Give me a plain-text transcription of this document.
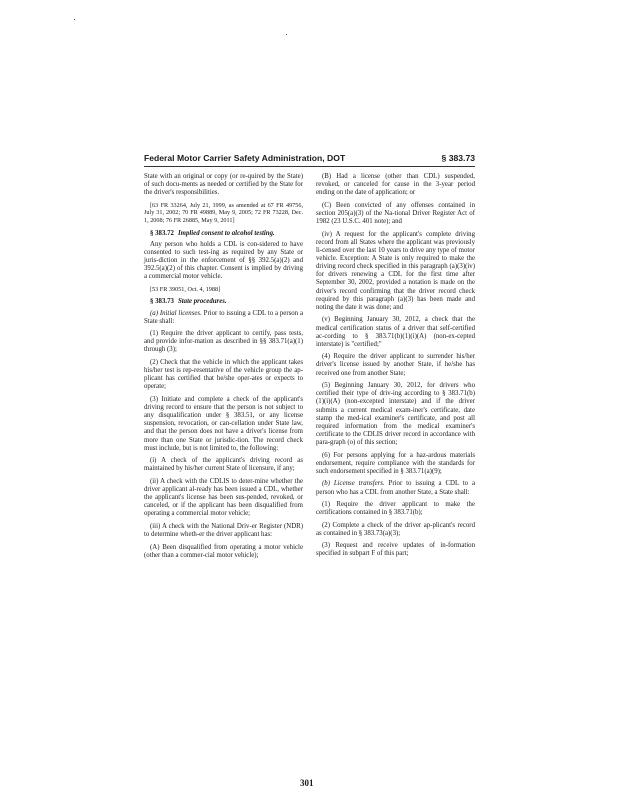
Federal Motor Carrier Safety Administration, DOT	§ 383.73

State with an original or copy (or re-quired by the State) of such docu-ments as needed or certified by the State for the driver's responsibilities.

[63 FR 33264, July 21, 1999, as amended at 67 FR 49756, July 31, 2002; 70 FR 49889, May 9, 2005; 72 FR 73228, Dec. 1, 2008; 76 FR 26885, May 9, 2011]

§ 383.72 Implied consent to alcohol testing.

Any person who holds a CDL is con-sidered to have consented to such test-ing as required by any State or juris-diction in the enforcement of §§ 392.5(a)(2) and 392.5(a)(2) of this chapter. Consent is implied by driving a commercial motor vehicle.

[53 FR 39051, Oct. 4, 1988]

§ 383.73 State procedures.

(a) Initial licenses. Prior to issuing a CDL to a person a State shall:

(1) Require the driver applicant to certify, pass tests, and provide infor-mation as described in §§ 383.71(a)(1) through (3);

(2) Check that the vehicle in which the applicant takes his/her test is rep-resentative of the vehicle group the ap-plicant has certified that he/she oper-ates or expects to operate;

(3) Initiate and complete a check of the applicant's driving record to ensure that the person is not subject to any disqualification under § 383.51, or any license suspension, revocation, or can-cellation under State law, and that the person does not have a driver's license from more than one State or jurisdic-tion. The record check must include, but is not limited to, the following:

(i) A check of the applicant's driving record as maintained by his/her current State of licensure, if any;

(ii) A check with the CDLIS to deter-mine whether the driver applicant al-ready has been issued a CDL, whether the applicant's license has been sus-pended, revoked, or canceled, or if the applicant has been disqualified from operating a commercial motor vehicle;

(iii) A check with the National Driv-er Register (NDR) to determine wheth-er the driver applicant has:

(A) Been disqualified from operating a motor vehicle (other than a commer-cial motor vehicle);

(B) Had a license (other than CDL) suspended, revoked, or canceled for cause in the 3-year period ending on the date of application; or

(C) Been convicted of any offenses contained in section 205(a)(3) of the Na-tional Driver Register Act of 1982 (23 U.S.C. 401 note); and

(iv) A request for the applicant's complete driving record from all States where the applicant was previously li-censed over the last 10 years to drive any type of motor vehicle. Exception: A State is only required to make the driving record check specified in this paragraph (a)(3)(iv) for drivers renewing a CDL for the first time after September 30, 2002, provided a notation is made on the driver's record confirming that the driver record check required by this paragraph (a)(3) has been made and noting the date it was done; and

(v) Beginning January 30, 2012, a check that the medical certification status of a driver that self-certified ac-cording to § 383.71(b)(1)(i)(A) (non-ex-cepted interstate) is "certified;"

(4) Require the driver applicant to surrender his/her driver's license issued by another State, if he/she has received one from another State;

(5) Beginning January 30, 2012, for drivers who certified their type of driv-ing according to § 383.71(b)(1)(i)(A) (non-excepted interstate) and if the driver submits a current medical exam-iner's certificate, date stamp the med-ical examiner's certificate, and post all required information from the medical examiner's certificate to the CDLIS driver record in accordance with para-graph (o) of this section;

(6) For persons applying for a haz-ardous materials endorsement, require compliance with the standards for such endorsement specified in § 383.71(a)(9);

(b) License transfers. Prior to issuing a CDL to a person who has a CDL from another State, a State shall:

(1) Require the driver applicant to make the certifications contained in § 383.71(b);

(2) Complete a check of the driver ap-plicant's record as contained in § 383.73(a)(3);

(3) Request and receive updates of in-formation specified in subpart F of this part;

301
